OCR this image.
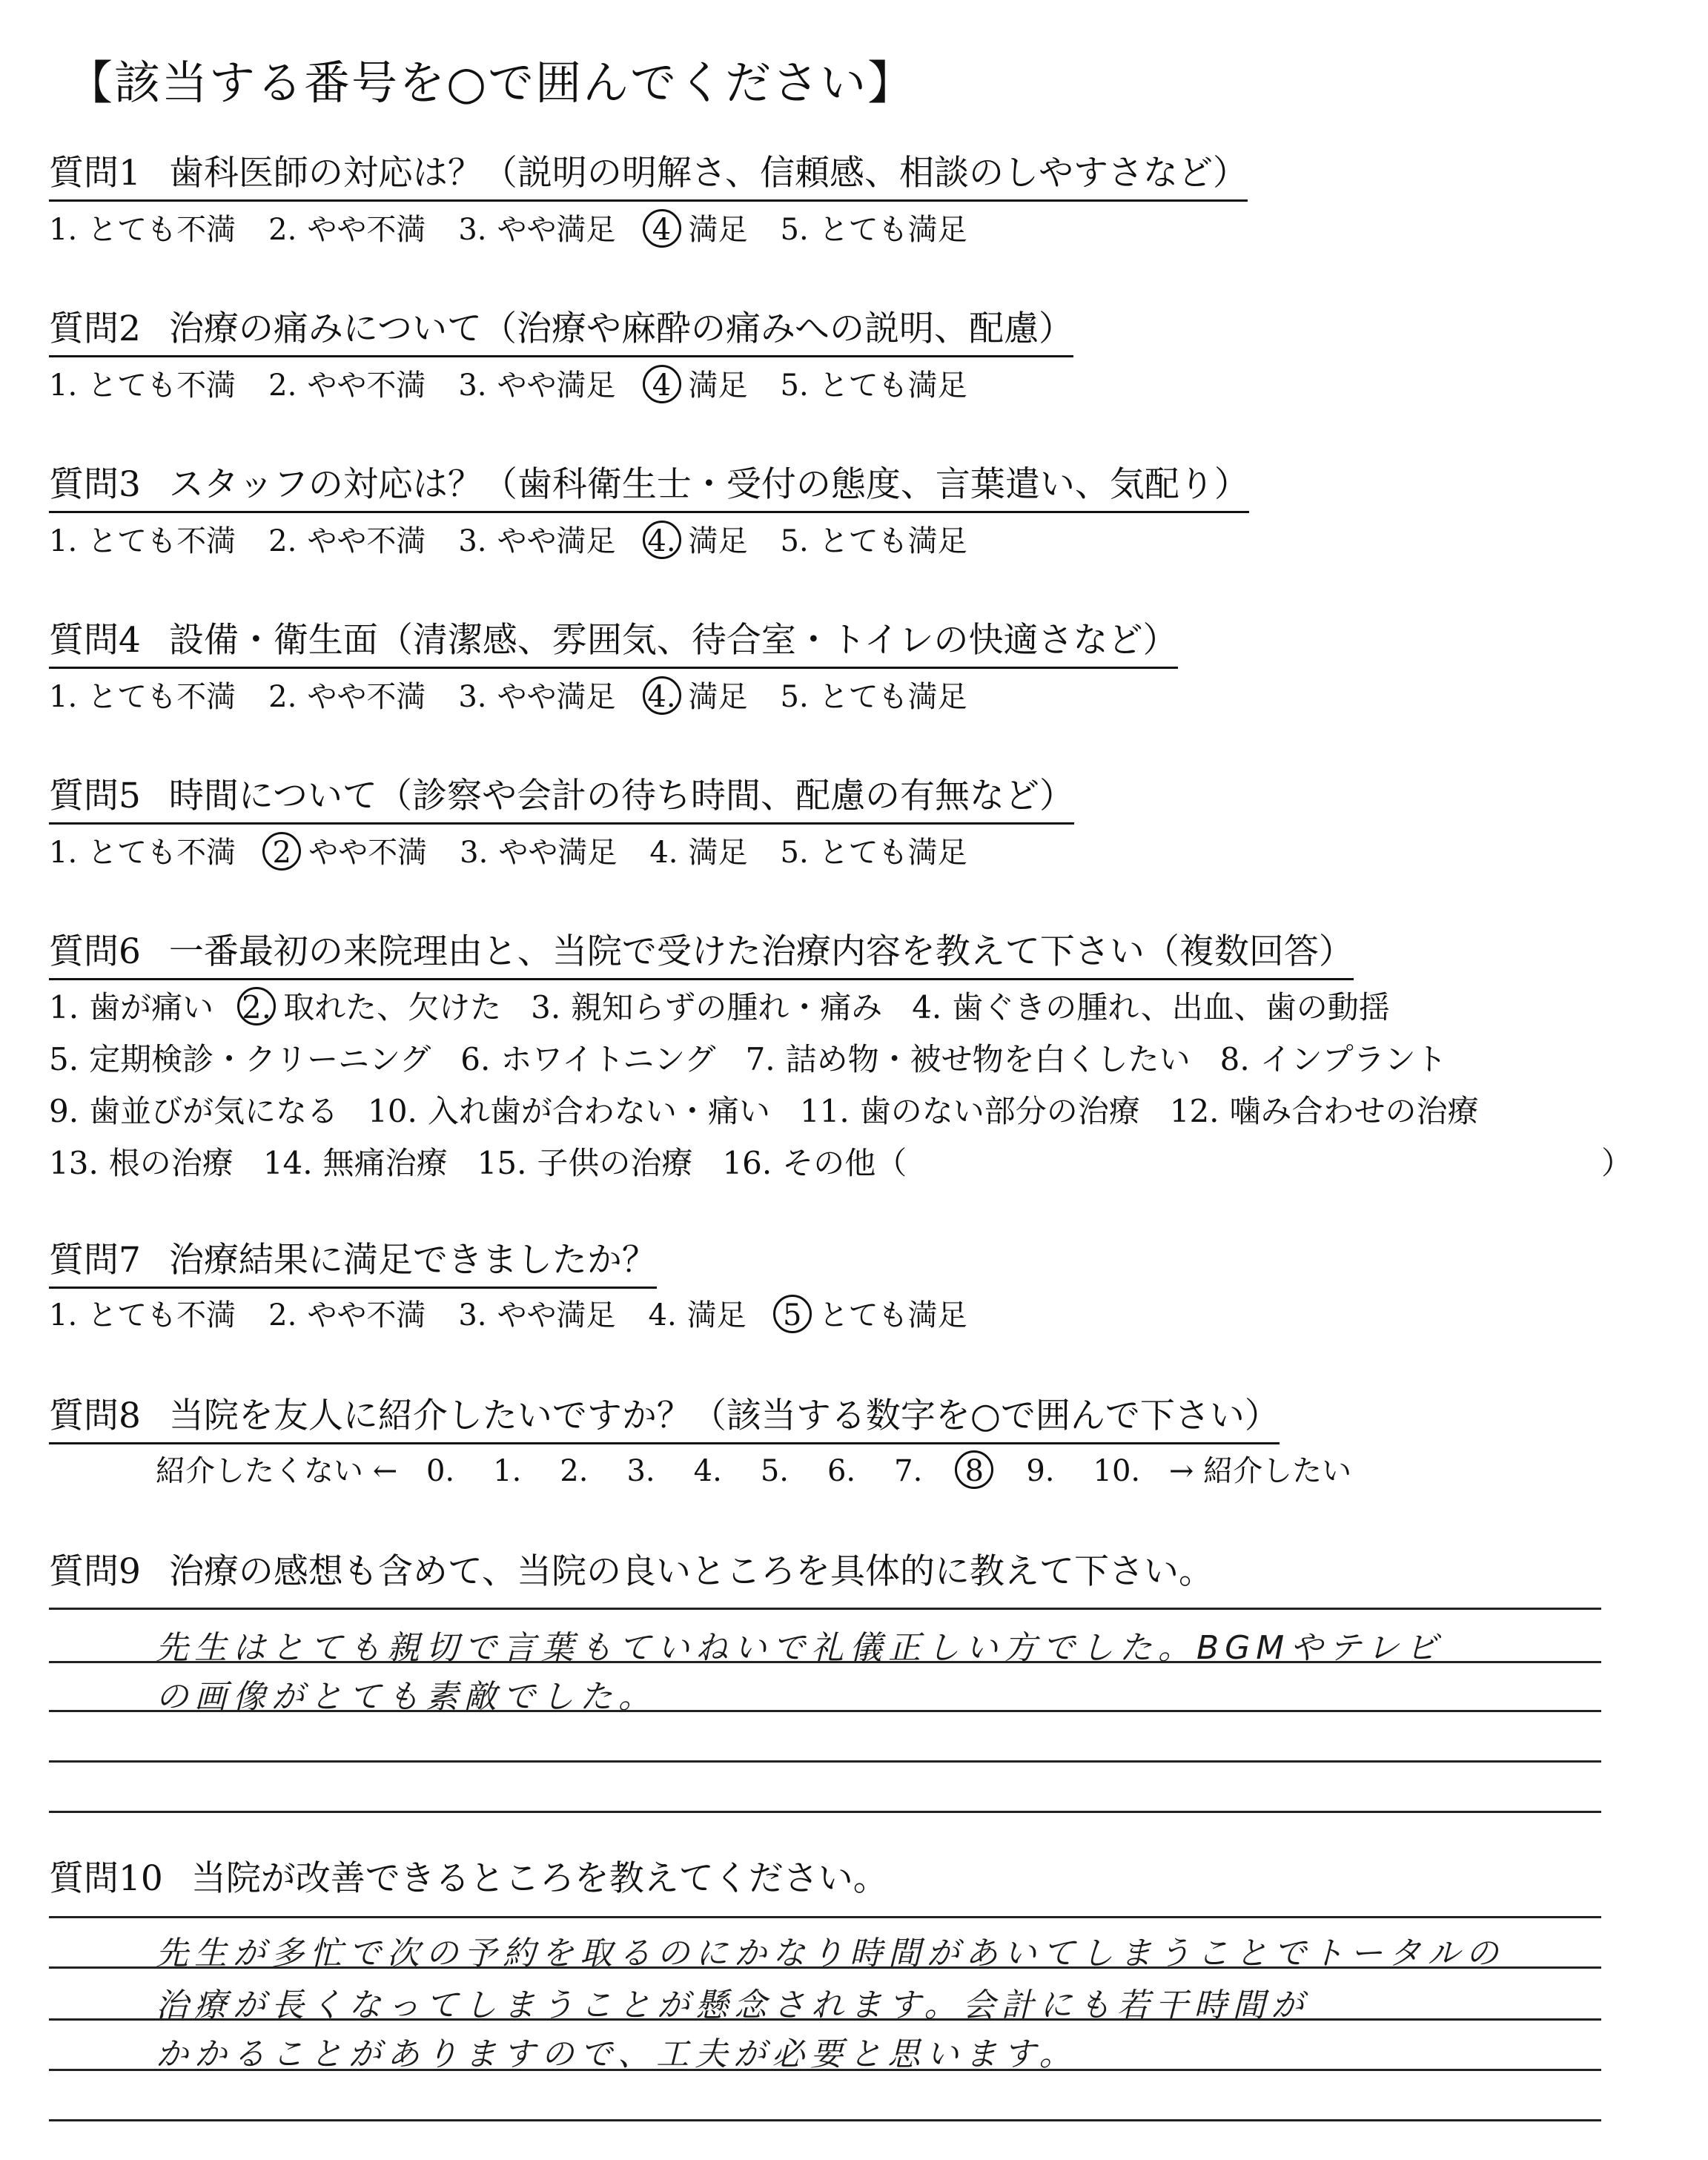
【該当する番号を○で囲んでください】
質問1 歯科医師の対応は？（説明の明解さ、信頼感、相談のしやすさなど）
1. とても不満 2. やや不満 3. やや満足 4 満足 5. とても満足
質問2 治療の痛みについて（治療や麻酔の痛みへの説明、配慮）
1. とても不満 2. やや不満 3. やや満足 4 満足 5. とても満足
質問3 スタッフの対応は？（歯科衛生士・受付の態度、言葉遣い、気配り）
1. とても不満 2. やや不満 3. やや満足 4. 満足 5. とても満足
質問4 設備・衛生面（清潔感、雰囲気、待合室・トイレの快適さなど）
1. とても不満 2. やや不満 3. やや満足 4. 満足 5. とても満足
質問5 時間について（診察や会計の待ち時間、配慮の有無など）
1. とても不満 2 やや不満 3. やや満足 4. 満足 5. とても満足
質問6 一番最初の来院理由と、当院で受けた治療内容を教えて下さい（複数回答）
1. 歯が痛い 2. 取れた、欠けた 3. 親知らずの腫れ・痛み 4. 歯ぐきの腫れ、出血、歯の動揺
5. 定期検診・クリーニング 6. ホワイトニング 7. 詰め物・被せ物を白くしたい 8. インプラント
9. 歯並びが気になる 10. 入れ歯が合わない・痛い 11. 歯のない部分の治療 12. 噛み合わせの治療
13. 根の治療 14. 無痛治療 15. 子供の治療 16. その他（	）
質問7 治療結果に満足できましたか？
1. とても不満 2. やや不満 3. やや満足 4. 満足 5 とても満足
質問8 当院を友人に紹介したいですか？（該当する数字を○で囲んで下さい）
紹介したくない ← 0. 1. 2. 3. 4. 5. 6. 7. 8 9. 10. → 紹介したい
質問9 治療の感想も含めて、当院の良いところを具体的に教えて下さい。
先生はとても親切で言葉もていねいで礼儀正しい方でした。BGMやテレビ
の画像がとても素敵でした。
質問10 当院が改善できるところを教えてください。
先生が多忙で次の予約を取るのにかなり時間があいてしまうことでトータルの
治療が長くなってしまうことが懸念されます。会計にも若干時間が
かかることがありますので、工夫が必要と思います。
